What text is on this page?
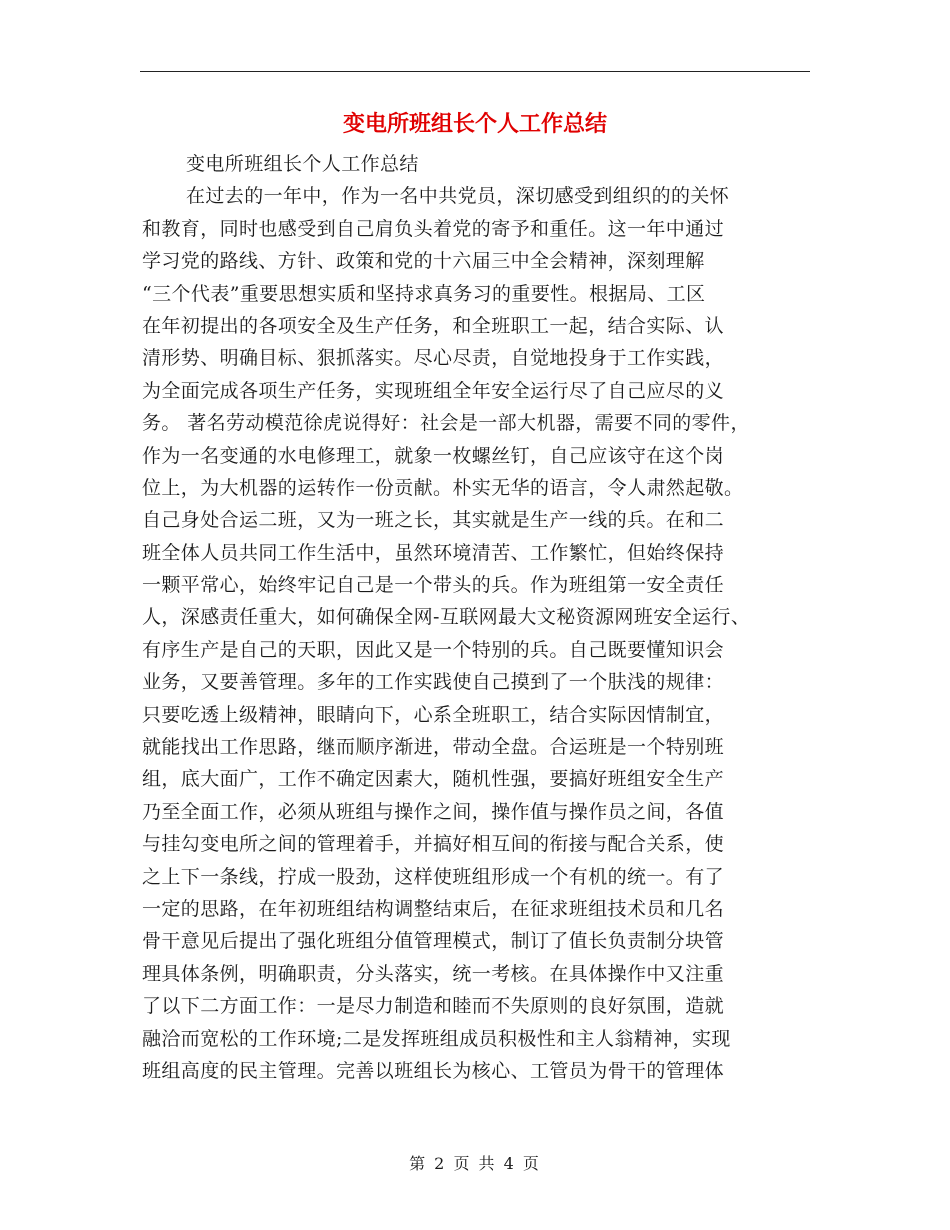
变电所班组长个人工作总结
变电所班组长个人工作总结
在过去的一年中，作为一名中共党员，深切感受到组织的的关怀
和教育，同时也感受到自己肩负头着党的寄予和重任。这一年中通过
学习党的路线、方针、政策和党的十六届三中全会精神，深刻理解
“三个代表”重要思想实质和坚持求真务习的重要性。根据局、工区
在年初提出的各项安全及生产任务，和全班职工一起，结合实际、认
清形势、明确目标、狠抓落实。尽心尽责，自觉地投身于工作实践，
为全面完成各项生产任务，实现班组全年安全运行尽了自己应尽的义
务。 著名劳动模范徐虎说得好：社会是一部大机器，需要不同的零件，
作为一名变通的水电修理工，就象一枚螺丝钉，自己应该守在这个岗
位上，为大机器的运转作一份贡献。朴实无华的语言，令人肃然起敬。
自己身处合运二班，又为一班之长，其实就是生产一线的兵。在和二
班全体人员共同工作生活中，虽然环境清苦、工作繁忙，但始终保持
一颗平常心，始终牢记自己是一个带头的兵。作为班组第一安全责任
人，深感责任重大，如何确保全网-互联网最大文秘资源网班安全运行、
有序生产是自己的天职，因此又是一个特别的兵。自己既要懂知识会
业务，又要善管理。多年的工作实践使自己摸到了一个肤浅的规律：
只要吃透上级精神，眼睛向下，心系全班职工，结合实际因情制宜，
就能找出工作思路，继而顺序渐进，带动全盘。合运班是一个特别班
组，底大面广，工作不确定因素大，随机性强，要搞好班组安全生产
乃至全面工作，必须从班组与操作之间，操作值与操作员之间，各值
与挂勾变电所之间的管理着手，并搞好相互间的衔接与配合关系，使
之上下一条线，拧成一股劲，这样使班组形成一个有机的统一。有了
一定的思路，在年初班组结构调整结束后，在征求班组技术员和几名
骨干意见后提出了强化班组分值管理模式，制订了值长负责制分块管
理具体条例，明确职责，分头落实，统一考核。在具体操作中又注重
了以下二方面工作：一是尽力制造和睦而不失原则的良好氛围，造就
融洽而宽松的工作环境;二是发挥班组成员积极性和主人翁精神，实现
班组高度的民主管理。完善以班组长为核心、工管员为骨干的管理体
第 2 页 共 4 页
